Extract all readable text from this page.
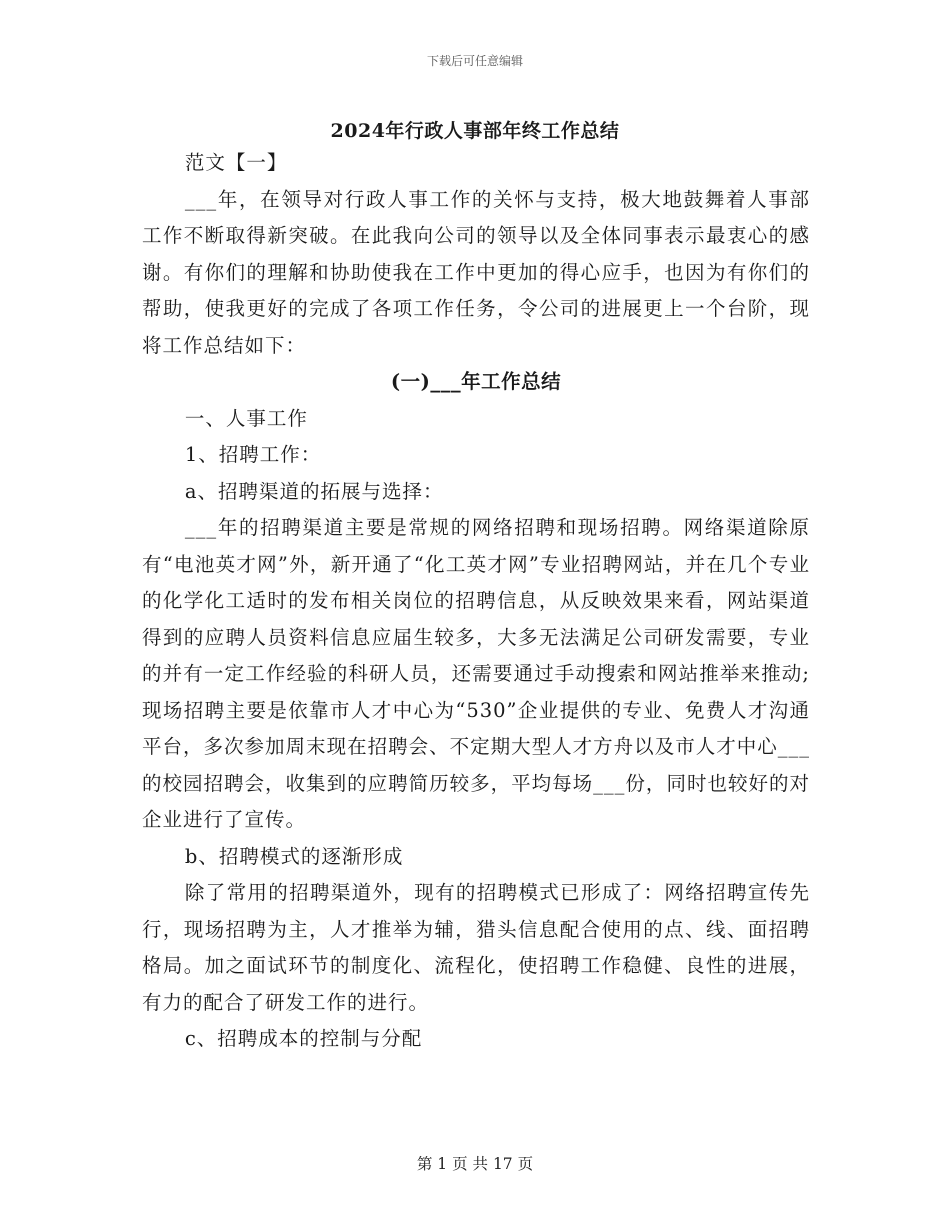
下载后可任意编辑
2024年行政人事部年终工作总结

范文【一】

___年，在领导对行政人事工作的关怀与支持，极大地鼓舞着人事部工作不断取得新突破。在此我向公司的领导以及全体同事表示最衷心的感谢。有你们的理解和协助使我在工作中更加的得心应手，也因为有你们的帮助，使我更好的完成了各项工作任务，令公司的进展更上一个台阶，现将工作总结如下：

(一)___年工作总结

一、人事工作

1、招聘工作：

a、招聘渠道的拓展与选择：

___年的招聘渠道主要是常规的网络招聘和现场招聘。网络渠道除原有“电池英才网”外，新开通了“化工英才网”专业招聘网站，并在几个专业的化学化工适时的发布相关岗位的招聘信息，从反映效果来看，网站渠道得到的应聘人员资料信息应届生较多，大多无法满足公司研发需要，专业的并有一定工作经验的科研人员，还需要通过手动搜索和网站推举来推动;现场招聘主要是依靠市人才中心为“530”企业提供的专业、免费人才沟通平台，多次参加周末现在招聘会、不定期大型人才方舟以及市人才中心___的校园招聘会，收集到的应聘简历较多，平均每场___份，同时也较好的对企业进行了宣传。

b、招聘模式的逐渐形成

除了常用的招聘渠道外，现有的招聘模式已形成了：网络招聘宣传先行，现场招聘为主，人才推举为辅，猎头信息配合使用的点、线、面招聘格局。加之面试环节的制度化、流程化，使招聘工作稳健、良性的进展，有力的配合了研发工作的进行。

c、招聘成本的控制与分配

第 1 页 共 17 页
